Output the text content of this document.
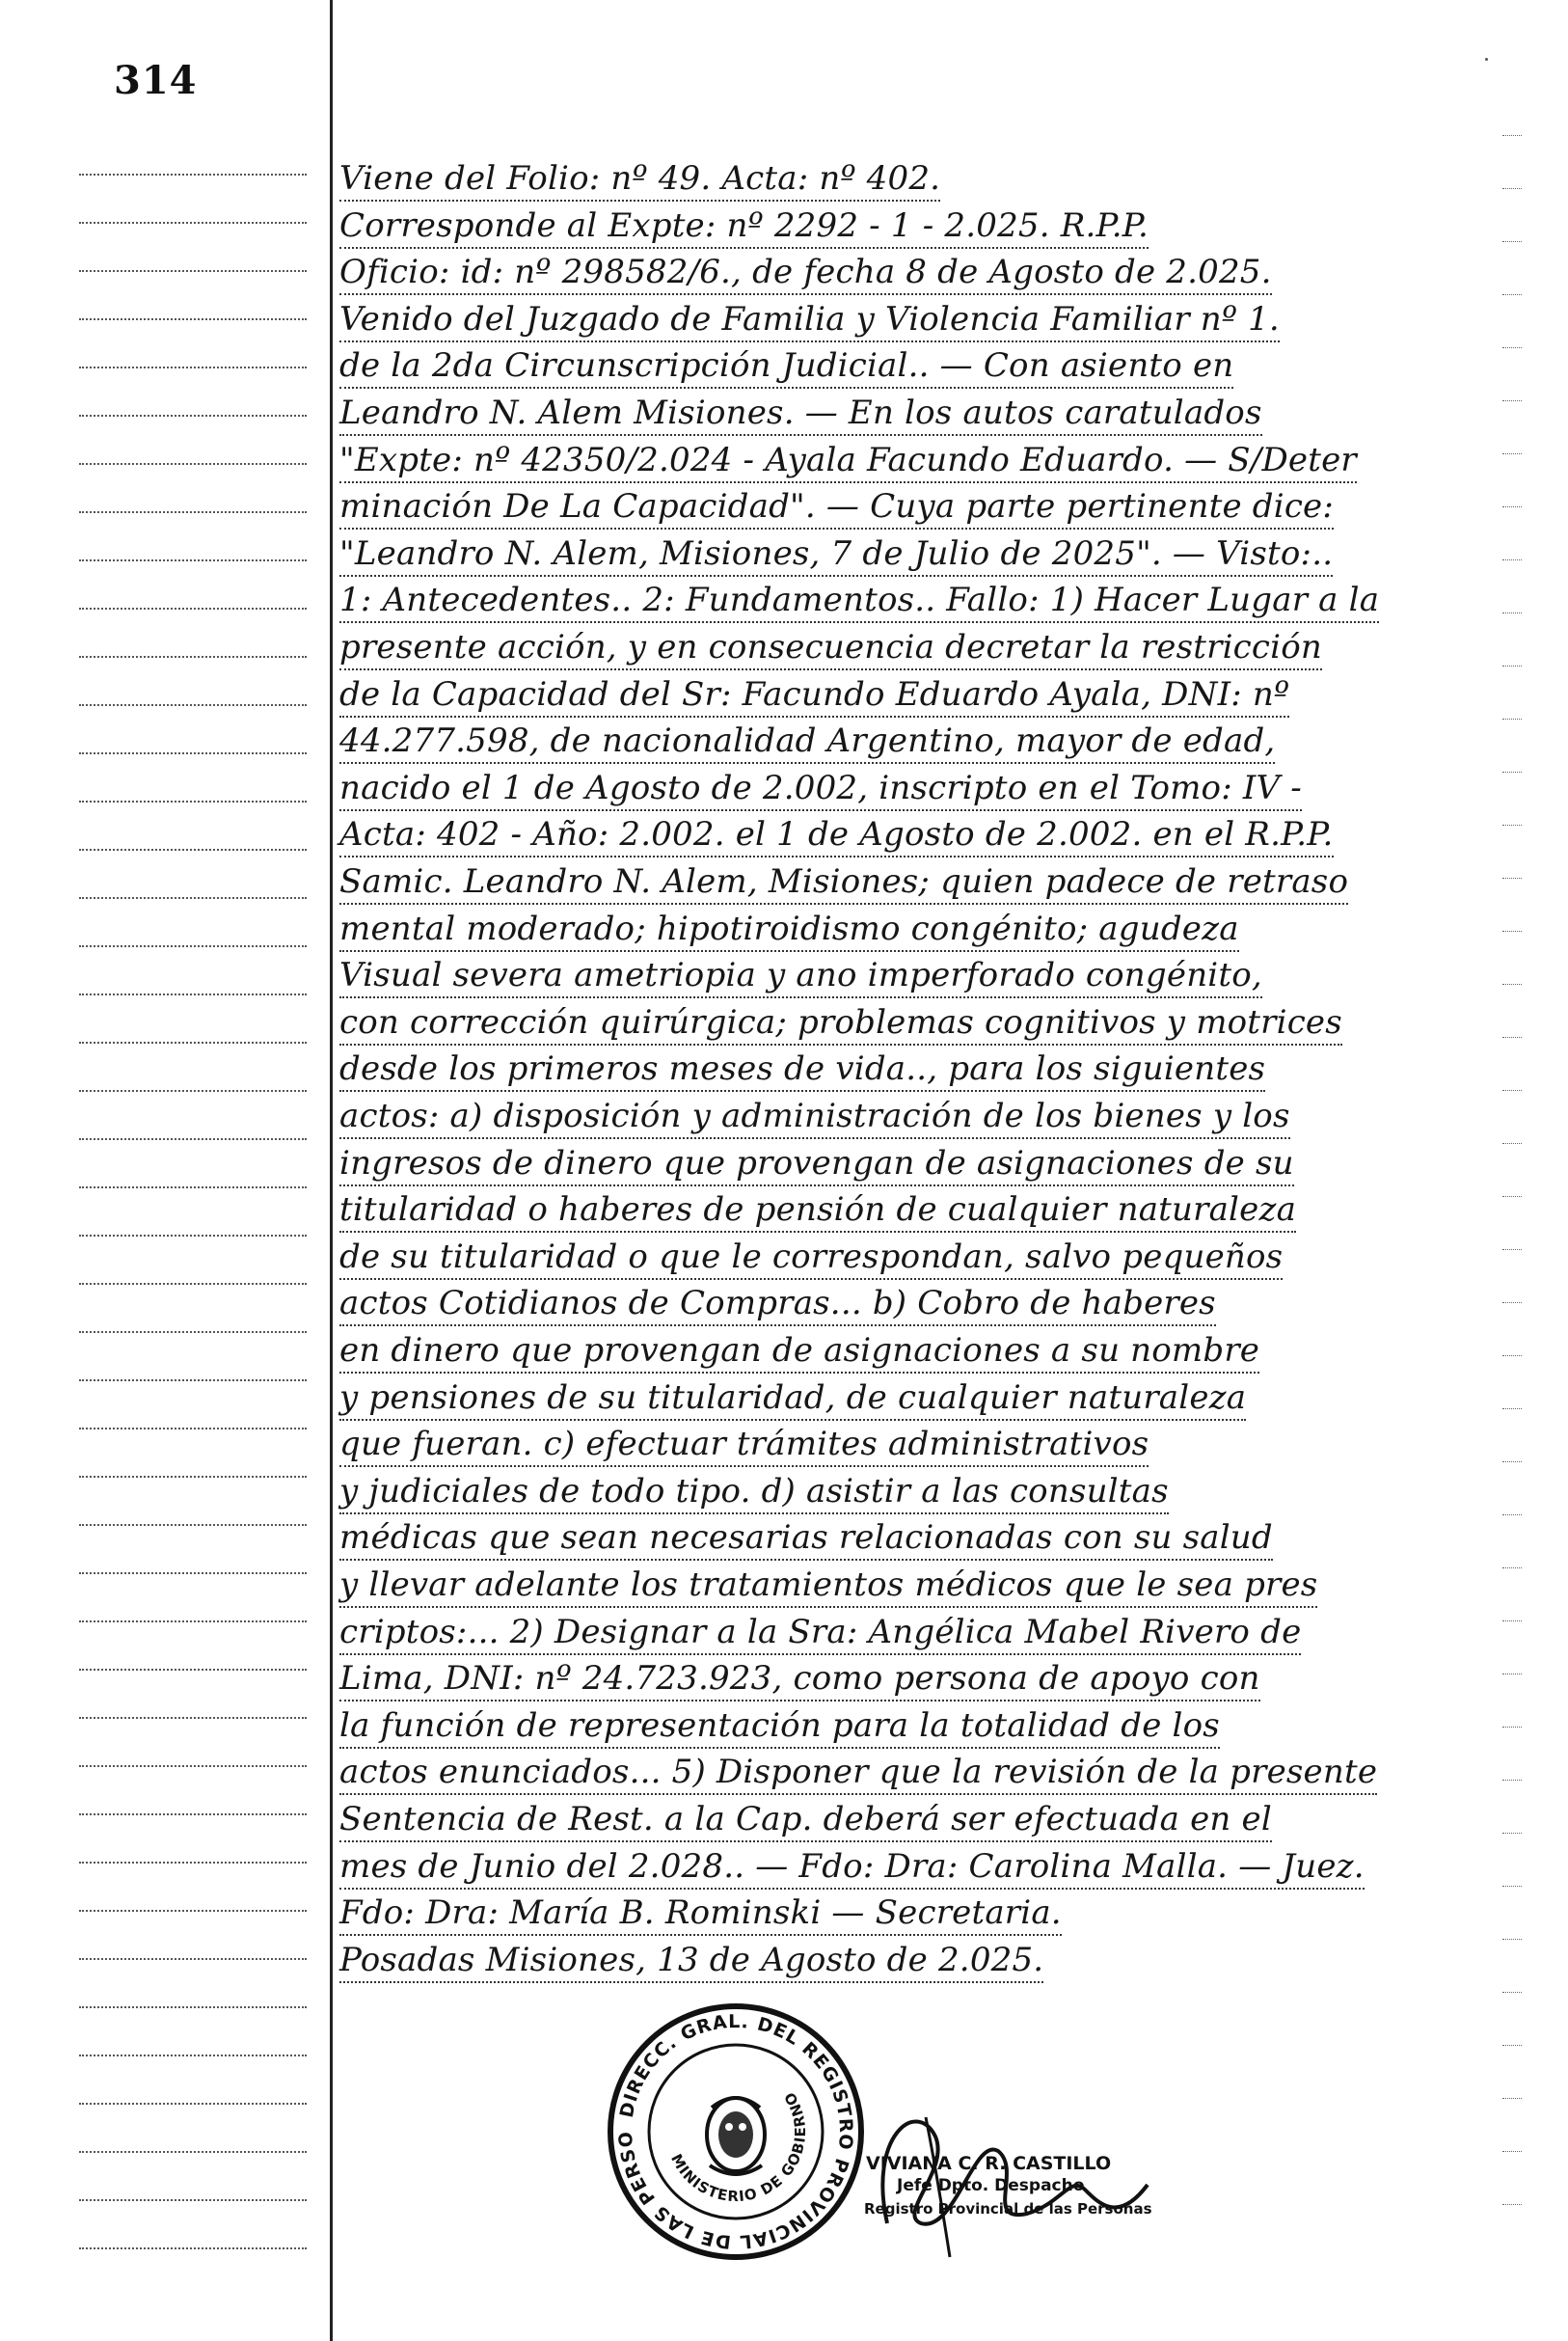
314
Viene del Folio: nº 49. Acta: nº 402.
Corresponde al Expte: nº 2292 - 1 - 2.025. R.P.P.
Oficio: id: nº 298582/6., de fecha 8 de Agosto de 2.025.
Venido del Juzgado de Familia y Violencia Familiar nº 1.
de la 2da Circunscripción Judicial.. — Con asiento en
Leandro N. Alem Misiones. — En los autos caratulados
"Expte: nº 42350/2.024 - Ayala Facundo Eduardo. — S/Deter
minación De La Capacidad". — Cuya parte pertinente dice:
"Leandro N. Alem, Misiones, 7 de Julio de 2025". — Visto:..
1: Antecedentes.. 2: Fundamentos.. Fallo: 1) Hacer Lugar a la
presente acción, y en consecuencia decretar la restricción
de la Capacidad del Sr: Facundo Eduardo Ayala, DNI: nº
44.277.598, de nacionalidad Argentino, mayor de edad,
nacido el 1 de Agosto de 2.002, inscripto en el Tomo: IV -
Acta: 402 - Año: 2.002. el 1 de Agosto de 2.002. en el R.P.P.
Samic. Leandro N. Alem, Misiones; quien padece de retraso
mental moderado; hipotiroidismo congénito; agudeza
Visual severa ametriopia y ano imperforado congénito,
con corrección quirúrgica; problemas cognitivos y motrices
desde los primeros meses de vida.., para los siguientes
actos: a) disposición y administración de los bienes y los
ingresos de dinero que provengan de asignaciones de su
titularidad o haberes de pensión de cualquier naturaleza
de su titularidad o que le correspondan, salvo pequeños
actos Cotidianos de Compras... b) Cobro de haberes
en dinero que provengan de asignaciones a su nombre
y pensiones de su titularidad, de cualquier naturaleza
que fueran. c) efectuar trámites administrativos
y judiciales de todo tipo. d) asistir a las consultas
médicas que sean necesarias relacionadas con su salud
y llevar adelante los tratamientos médicos que le sea pres
criptos:... 2) Designar a la Sra: Angélica Mabel Rivero de
Lima, DNI: nº 24.723.923, como persona de apoyo con
la función de representación para la totalidad de los
actos enunciados... 5) Disponer que la revisión de la presente
Sentencia de Rest. a la Cap. deberá ser efectuada en el
mes de Junio del 2.028.. — Fdo: Dra: Carolina Malla. — Juez.
Fdo: Dra: María B. Rominski — Secretaria.
Posadas Misiones, 13 de Agosto de 2.025.
DIRECC. GRAL. DEL REGISTRO PROVINCIAL DE LAS PERSO
MINISTERIO DE GOBIERNO
VIVIANA C. R. CASTILLO
Jefe Dpto. Despacho
Registro Provincial de las Personas
